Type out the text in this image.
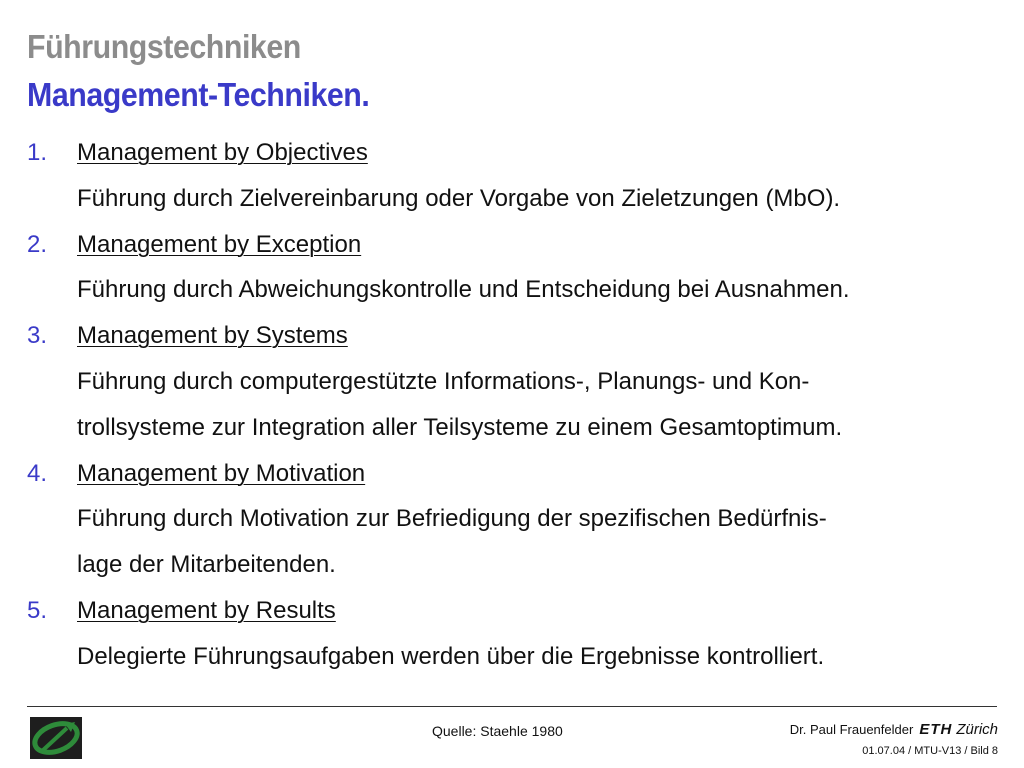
Führungstechniken
Management-Techniken.
1. Management by Objectives
Führung durch Zielvereinbarung oder Vorgabe von Zieletzungen (MbO).
2. Management by Exception
Führung durch Abweichungskontrolle und Entscheidung bei Ausnahmen.
3. Management by Systems
Führung durch computergestützte Informations-, Planungs- und Kon-
trollsysteme zur Integration aller Teilsysteme zu einem Gesamtoptimum.
4. Management by Motivation
Führung durch Motivation zur Befriedigung der spezifischen Bedürfnis-
lage der Mitarbeitenden.
5. Management by Results
Delegierte Führungsaufgaben werden über die Ergebnisse kontrolliert.
Quelle: Staehle 1980	Dr. Paul Frauenfelder ETH Zürich
01.07.04 / MTU-V13 / Bild 8
